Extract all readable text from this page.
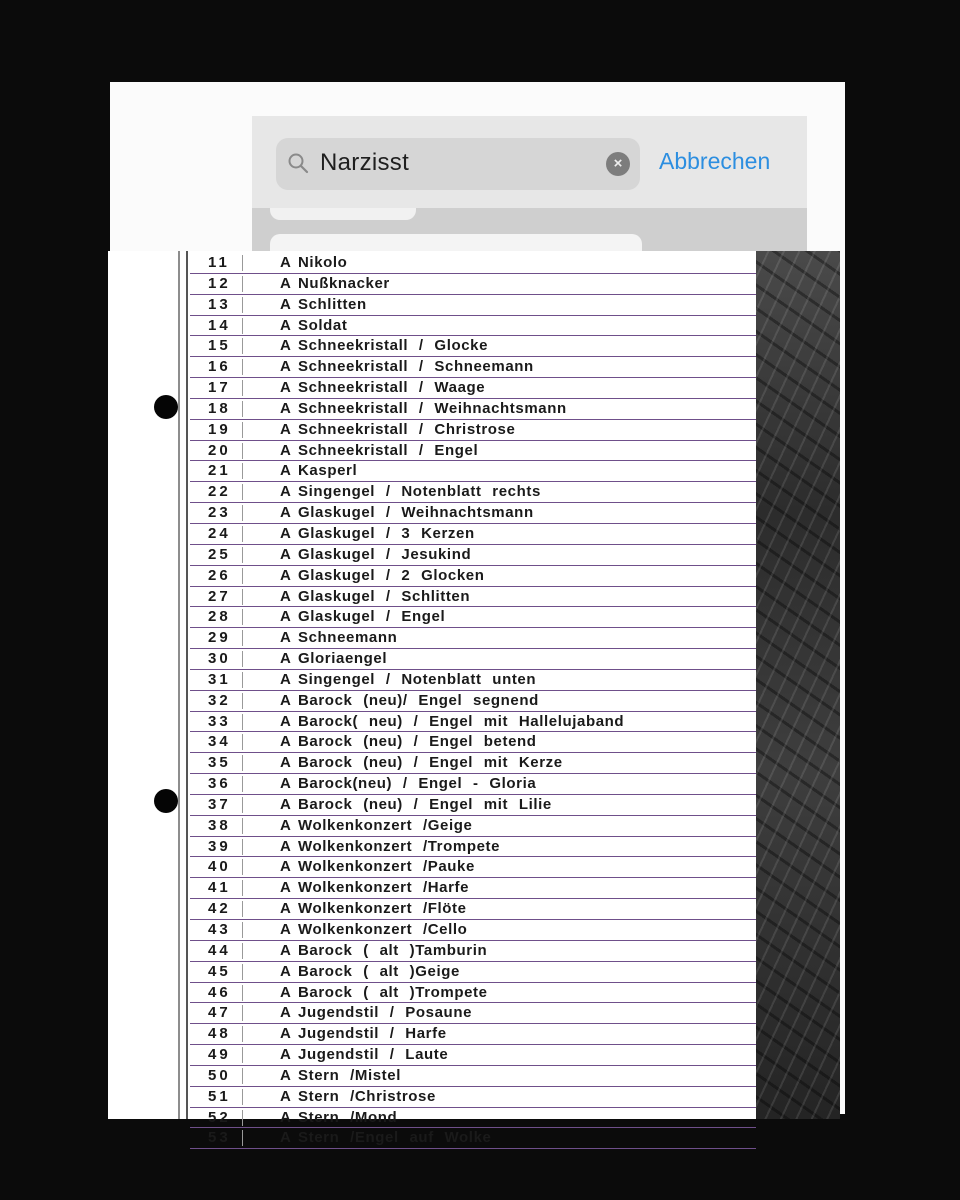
Narzisst	×	Abbrechen
11	A Nikolo
12	A Nußknacker
13	A Schlitten
14	A Soldat
15	A Schneekristall / Glocke
16	A Schneekristall / Schneemann
17	A Schneekristall / Waage
18	A Schneekristall / Weihnachtsmann
19	A Schneekristall / Christrose
20	A Schneekristall / Engel
21	A Kasperl
22	A Singengel / Notenblatt rechts
23	A Glaskugel / Weihnachtsmann
24	A Glaskugel / 3 Kerzen
25	A Glaskugel / Jesukind
26	A Glaskugel / 2 Glocken
27	A Glaskugel / Schlitten
28	A Glaskugel / Engel
29	A Schneemann
30	A Gloriaengel
31	A Singengel / Notenblatt unten
32	A Barock (neu)/ Engel segnend
33	A Barock( neu) / Engel mit Hallelujaband
34	A Barock (neu) / Engel betend
35	A Barock (neu) / Engel mit Kerze
36	A Barock(neu) / Engel - Gloria
37	A Barock (neu) / Engel mit Lilie
38	A Wolkenkonzert /Geige
39	A Wolkenkonzert /Trompete
40	A Wolkenkonzert /Pauke
41	A Wolkenkonzert /Harfe
42	A Wolkenkonzert /Flöte
43	A Wolkenkonzert /Cello
44	A Barock ( alt )Tamburin
45	A Barock ( alt )Geige
46	A Barock ( alt )Trompete
47	A Jugendstil / Posaune
48	A Jugendstil / Harfe
49	A Jugendstil / Laute
50	A Stern /Mistel
51	A Stern /Christrose
52	A Stern /Mond
53	A Stern /Engel auf Wolke
